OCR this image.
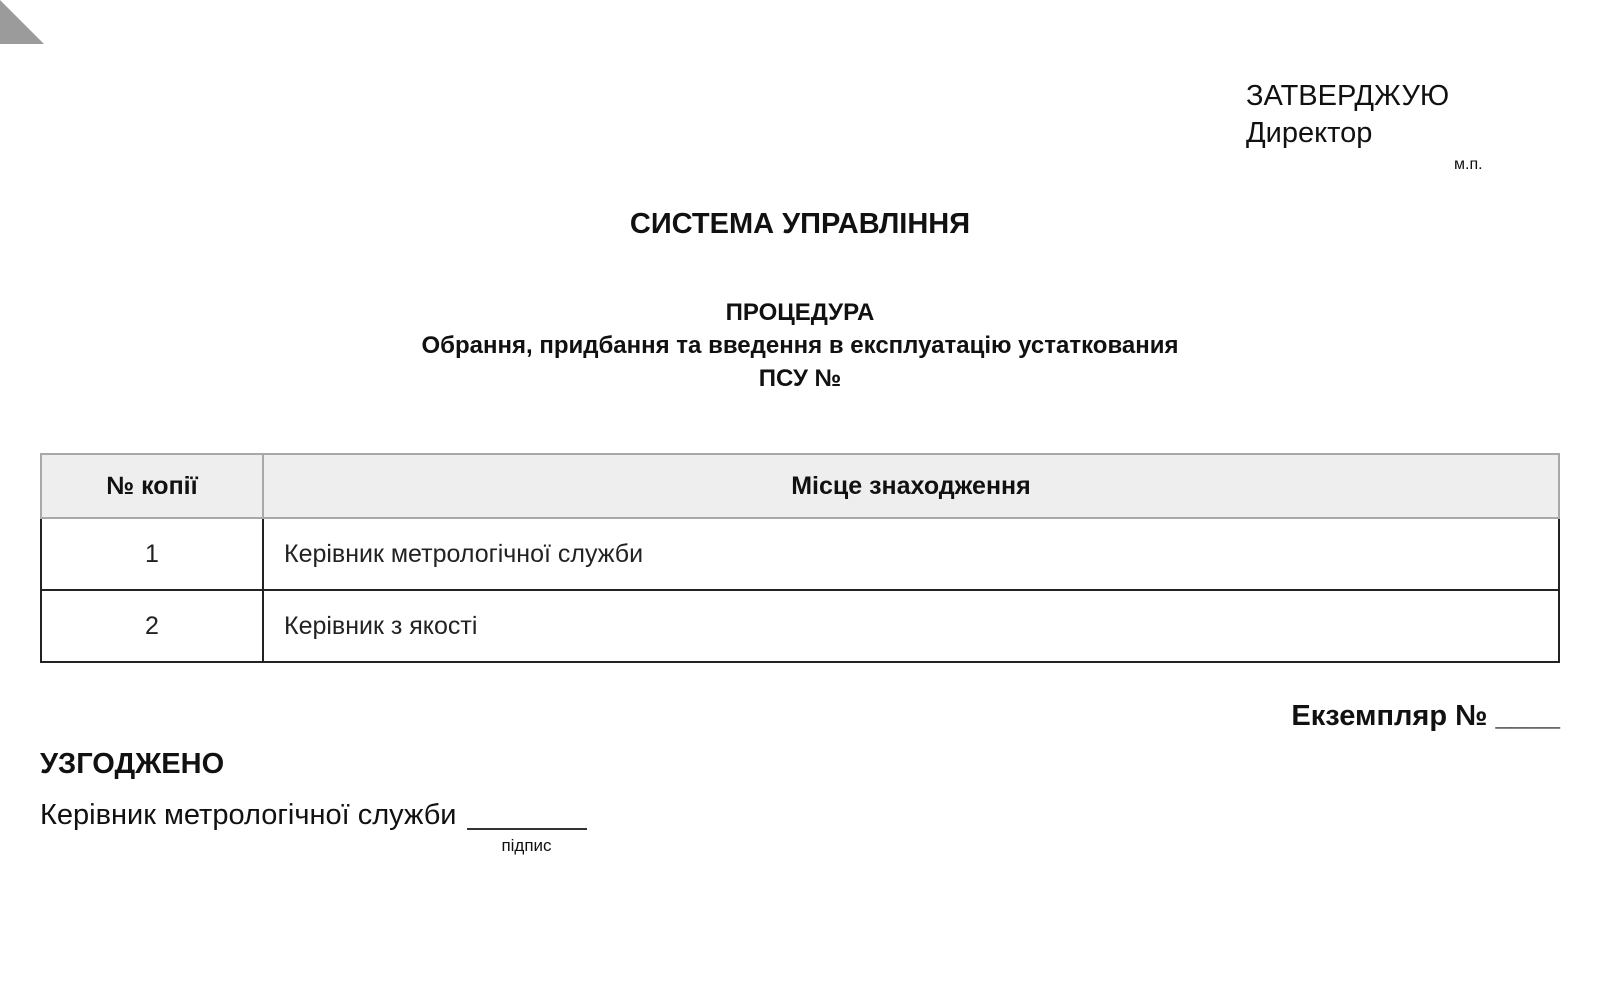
ЗАТВЕРДЖУЮ
Директор
м.п.
СИСТЕМА УПРАВЛІННЯ
ПРОЦЕДУРА
Обрання, придбання та введення в експлуатацію устаткования
ПСУ №
№ копії	Місце знаходження
1	Керівник метрологічної служби
2	Керівник з якості
Екземпляр № ____
УЗГОДЖЕНО
Керівник метрологічної служби
підпис
